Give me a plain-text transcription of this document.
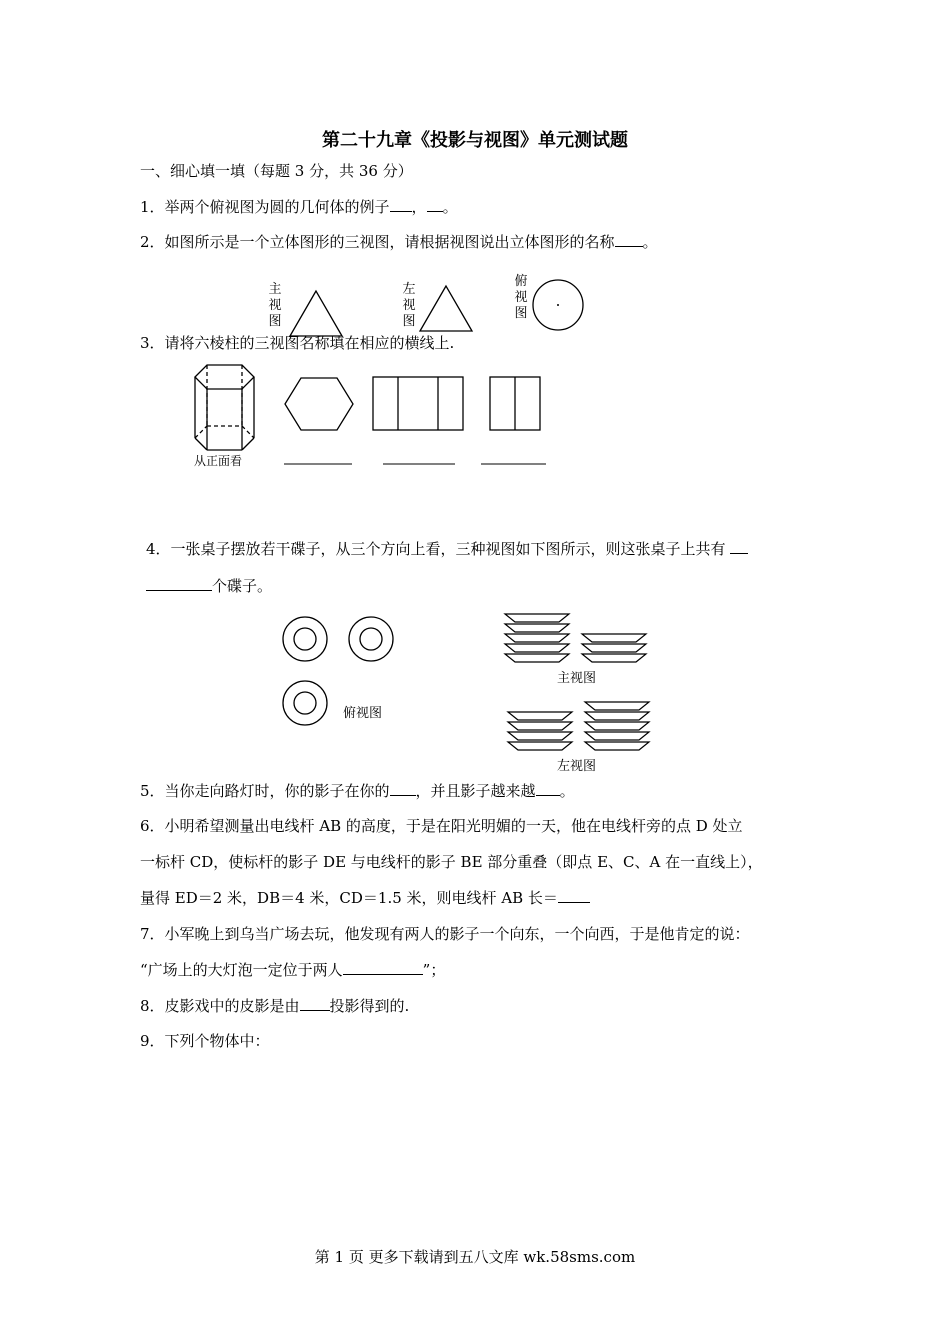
第二十九章《投影与视图》单元测试题
一、细心填一填（每题 3 分，共 36 分）
1．举两个俯视图为圆的几何体的例子 ， 。
2．如图所示是一个立体图形的三视图，请根据视图说出立体图形的名称 。
主视图
左视图
俯视图
从正面看
3．请将六棱柱的三视图名称填在相应的横线上.
4．一张桌子摆放若干碟子，从三个方向上看，三种视图如下图所示，则这张桌子上共有
个碟子。
俯视图
主视图
左视图
5．当你走向路灯时，你的影子在你的 ，并且影子越来越 。
6．小明希望测量出电线杆 AB 的高度，于是在阳光明媚的一天，他在电线杆旁的点 D 处立
一标杆 CD，使标杆的影子 DE 与电线杆的影子 BE 部分重叠（即点 E、C、A 在一直线上），
量得 ED＝2 米，DB＝4 米，CD＝1.5 米，则电线杆 AB 长＝
7．小军晚上到乌当广场去玩，他发现有两人的影子一个向东，一个向西，于是他肯定的说：
“广场上的大灯泡一定位于两人	”；
8．皮影戏中的皮影是由 投影得到的.
9．下列个物体中：
第 1 页 更多下载请到五八文库 wk.58sms.com
